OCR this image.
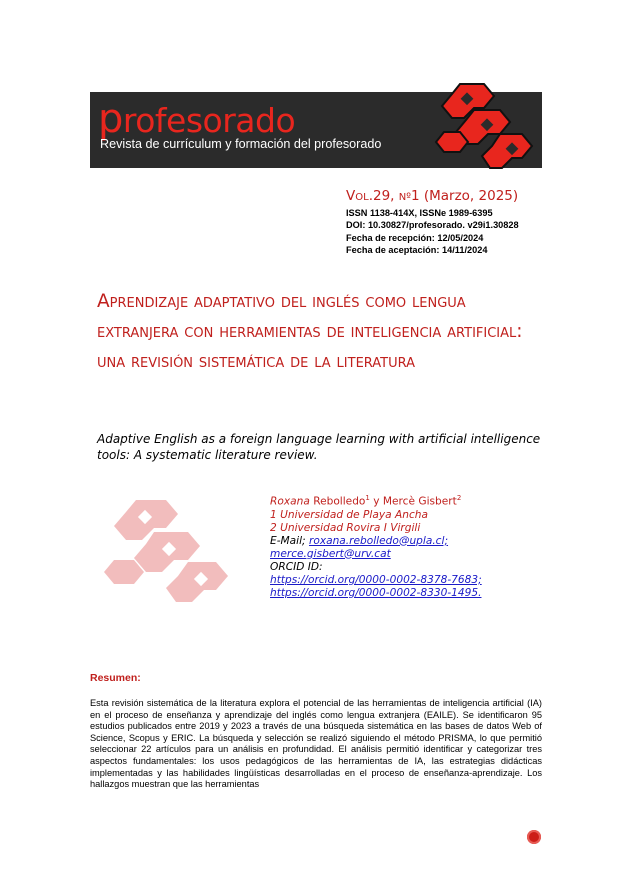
profesorado
Revista de currículum y formación del profesorado
VOL.29, Nº1 (Marzo, 2025)
ISSN 1138-414X, ISSNe 1989-6395
DOI: 10.30827/profesorado. v29i1.30828
Fecha de recepción: 12/05/2024
Fecha de aceptación: 14/11/2024
Aprendizaje adaptativo del inglés como lengua extranjera con herramientas de inteligencia artificial: una revisión sistemática de la literatura
Adaptive English as a foreign language learning with artificial intelligence tools: A systematic literature review.
Roxana Rebolledo$^1$ y Mercè Gisbert$^2$
1 Universidad de Playa Ancha
2 Universidad Rovira I Virgili
E-Mail; roxana.rebolledo@upla.cl;
merce.gisbert@urv.cat
ORCID ID:
https://orcid.org/0000-0002-8378-7683;
https://orcid.org/0000-0002-8330-1495.
Resumen:
Esta revisión sistemática de la literatura explora el potencial de las herramientas de inteligencia artificial (IA) en el proceso de enseñanza y aprendizaje del inglés como lengua extranjera (EAILE). Se identificaron 95 estudios publicados entre 2019 y 2023 a través de una búsqueda sistemática en las bases de datos Web of Science, Scopus y ERIC. La búsqueda y selección se realizó siguiendo el método PRISMA, lo que permitió seleccionar 22 artículos para un análisis en profundidad. El análisis permitió identificar y categorizar tres aspectos fundamentales: los usos pedagógicos de las herramientas de IA, las estrategias didácticas implementadas y las habilidades lingüísticas desarrolladas en el proceso de enseñanza-aprendizaje. Los hallazgos muestran que las herramientas
